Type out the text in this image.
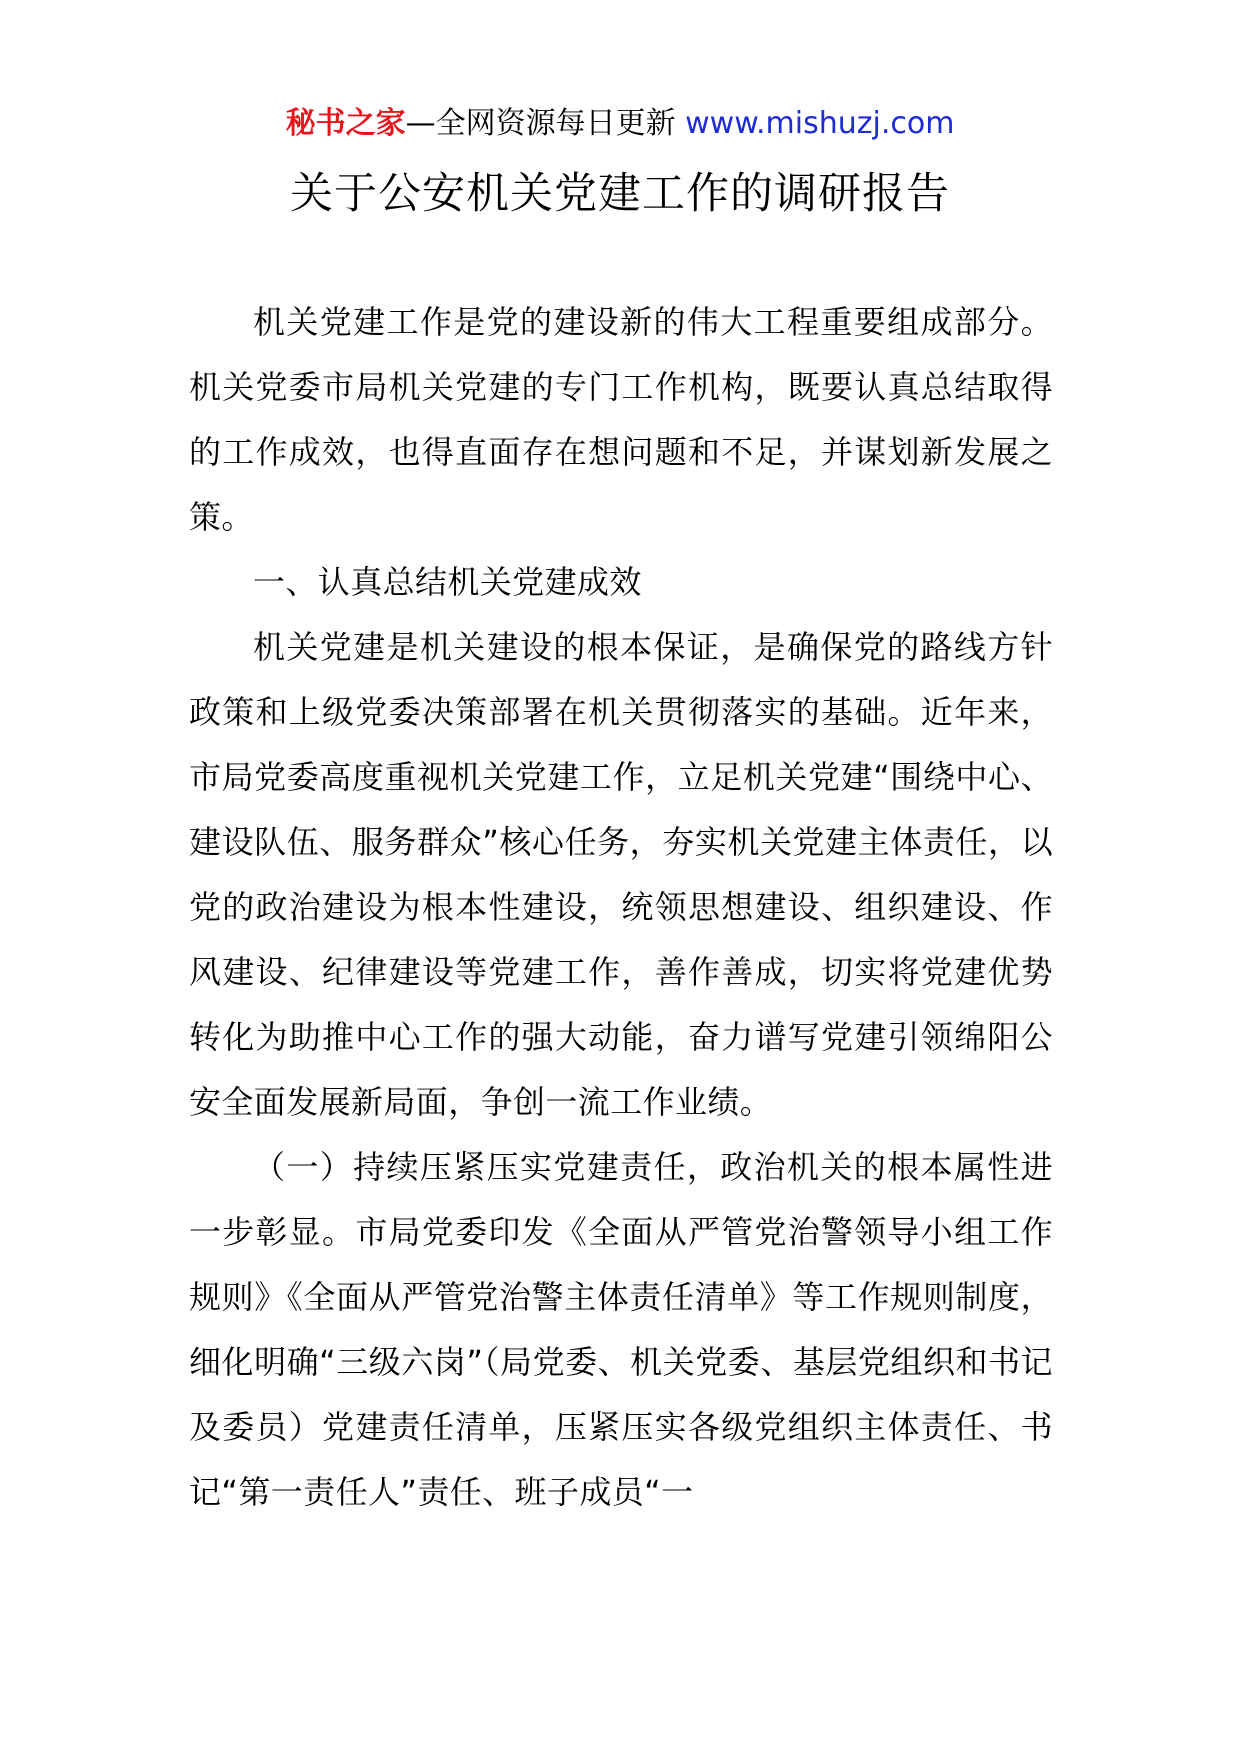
秘书之家—全网资源每日更新 www.mishuzj.com
关于公安机关党建工作的调研报告

机关党建工作是党的建设新的伟大工程重要组成部分。机关党委市局机关党建的专门工作机构，既要认真总结取得的工作成效，也得直面存在想问题和不足，并谋划新发展之策。

一、认真总结机关党建成效

机关党建是机关建设的根本保证，是确保党的路线方针政策和上级党委决策部署在机关贯彻落实的基础。近年来，市局党委高度重视机关党建工作，立足机关党建“围绕中心、建设队伍、服务群众”核心任务，夯实机关党建主体责任，以党的政治建设为根本性建设，统领思想建设、组织建设、作风建设、纪律建设等党建工作，善作善成，切实将党建优势转化为助推中心工作的强大动能，奋力谱写党建引领绵阳公安全面发展新局面，争创一流工作业绩。

（一）持续压紧压实党建责任，政治机关的根本属性进一步彰显。市局党委印发《全面从严管党治警领导小组工作规则》《全面从严管党治警主体责任清单》等工作规则制度，细化明确“三级六岗”（局党委、机关党委、基层党组织和书记及委员）党建责任清单，压紧压实各级党组织主体责任、书记“第一责任人”责任、班子成员“一
